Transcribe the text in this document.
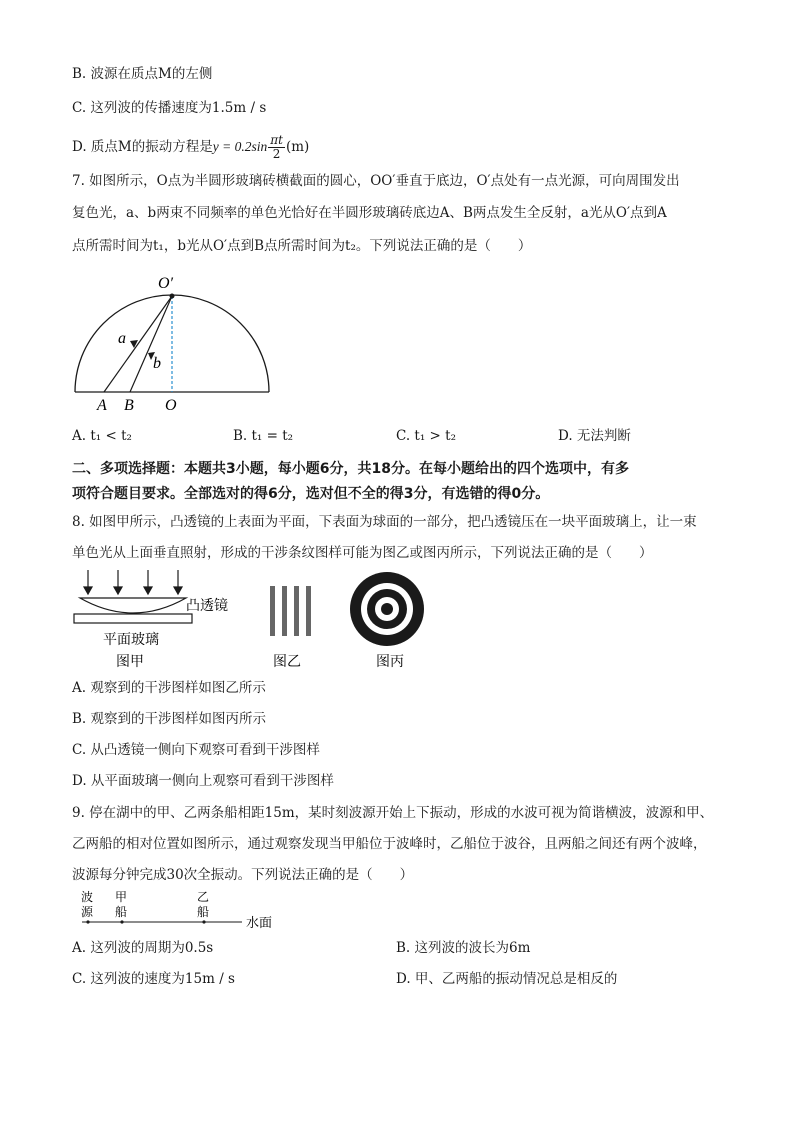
B. 波源在质点M的左侧
C. 这列波的传播速度为1.5m / s
D. 质点M的振动方程是$y = 0.2\sin \frac{\pi t}{2} (m)$
7. 如图所示，O点为半圆形玻璃砖横截面的圆心，OO′垂直于底边，O′点处有一点光源，可向周围发出
复色光，a、b两束不同频率的单色光恰好在半圆形玻璃砖底边A、B两点发生全反射，a光从O′点到A
点所需时间为t₁，b光从O′点到B点所需时间为t₂。下列说法正确的是（　　）
O′
a
b
A B O
A. t₁ < t₂	B. t₁ = t₂	C. t₁ > t₂	D. 无法判断
二、多项选择题：本题共3小题，每小题6分，共18分。在每小题给出的四个选项中，有多
项符合题目要求。全部选对的得6分，选对但不全的得3分，有选错的得0分。
8. 如图甲所示，凸透镜的上表面为平面，下表面为球面的一部分，把凸透镜压在一块平面玻璃上，让一束
单色光从上面垂直照射，形成的干涉条纹图样可能为图乙或图丙所示，下列说法正确的是（　　）
凸透镜
平面玻璃
图甲	图乙	图丙
A. 观察到的干涉图样如图乙所示
B. 观察到的干涉图样如图丙所示
C. 从凸透镜一侧向下观察可看到干涉图样
D. 从平面玻璃一侧向上观察可看到干涉图样
9. 停在湖中的甲、乙两条船相距15m，某时刻波源开始上下振动，形成的水波可视为简谐横波，波源和甲、
乙两船的相对位置如图所示，通过观察发现当甲船位于波峰时，乙船位于波谷，且两船之间还有两个波峰，
波源每分钟完成30次全振动。下列说法正确的是（　　）
波
源
甲
船
乙
船
水面
A. 这列波的周期为0.5s	B. 这列波的波长为6m
C. 这列波的速度为15m / s	D. 甲、乙两船的振动情况总是相反的
